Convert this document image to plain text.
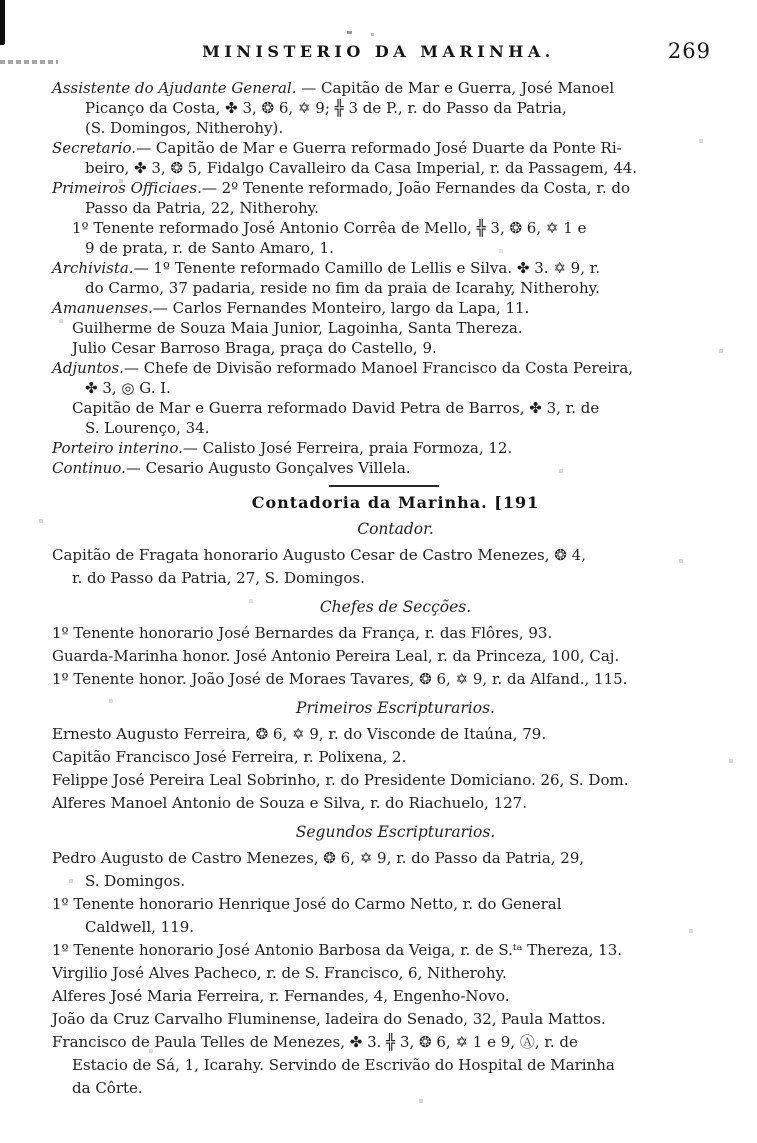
MINISTERIO DA MARINHA.	269
Assistente do Ajudante General. — Capitão de Mar e Guerra, José Manoel
Picanço da Costa, ✤ 3, ❂ 6, ✡ 9; ╬ 3 de P., r. do Passo da Patria,
(S. Domingos, Nitherohy).
Secretario.— Capitão de Mar e Guerra reformado José Duarte da Ponte Ri-
beiro, ✤ 3, ❂ 5, Fidalgo Cavalleiro da Casa Imperial, r. da Passagem, 44.
Primeiros Officiaes.— 2º Tenente reformado, João Fernandes da Costa, r. do
Passo da Patria, 22, Nitherohy.
1º Tenente reformado José Antonio Corrêa de Mello, ╬ 3, ❂ 6, ✡ 1 e
9 de prata, r. de Santo Amaro, 1.
Archivista.— 1º Tenente reformado Camillo de Lellis e Silva. ✤ 3. ✡ 9, r.
do Carmo, 37 padaria, reside no fim da praia de Icarahy, Nitherohy.
Amanuenses.— Carlos Fernandes Monteiro, largo da Lapa, 11.
Guilherme de Souza Maia Junior, Lagoinha, Santa Thereza.
Julio Cesar Barroso Braga, praça do Castello, 9.
Adjuntos.— Chefe de Divisão reformado Manoel Francisco da Costa Pereira,
✤ 3, ◎ G. I.
Capitão de Mar e Guerra reformado David Petra de Barros, ✤ 3, r. de
S. Lourenço, 34.
Porteiro interino.— Calisto José Ferreira, praia Formoza, 12.
Continuo.— Cesario Augusto Gonçalves Villela.
Contadoria da Marinha. [191
Contador.
Capitão de Fragata honorario Augusto Cesar de Castro Menezes, ❂ 4,
r. do Passo da Patria, 27, S. Domingos.
Chefes de Secções.
1º Tenente honorario José Bernardes da França, r. das Flôres, 93.
Guarda-Marinha honor. José Antonio Pereira Leal, r. da Princeza, 100, Caj.
1º Tenente honor. João José de Moraes Tavares, ❂ 6, ✡ 9, r. da Alfand., 115.
Primeiros Escripturarios.
Ernesto Augusto Ferreira, ❂ 6, ✡ 9, r. do Visconde de Itaúna, 79.
Capitão Francisco José Ferreira, r. Polixena, 2.
Felippe José Pereira Leal Sobrinho, r. do Presidente Domiciano. 26, S. Dom.
Alferes Manoel Antonio de Souza e Silva, r. do Riachuelo, 127.
Segundos Escripturarios.
Pedro Augusto de Castro Menezes, ❂ 6, ✡ 9, r. do Passo da Patria, 29,
S. Domingos.
1º Tenente honorario Henrique José do Carmo Netto, r. do General
Caldwell, 119.
1º Tenente honorario José Antonio Barbosa da Veiga, r. de S.ᵗᵃ Thereza, 13.
Virgilio José Alves Pacheco, r. de S. Francisco, 6, Nitherohy.
Alferes José Maria Ferreira, r. Fernandes, 4, Engenho-Novo.
João da Cruz Carvalho Fluminense, ladeira do Senado, 32, Paula Mattos.
Francisco de Paula Telles de Menezes, ✤ 3. ╬ 3, ❂ 6, ✡ 1 e 9, Ⓐ, r. de
Estacio de Sá, 1, Icarahy. Servindo de Escrivão do Hospital de Marinha
da Côrte.
